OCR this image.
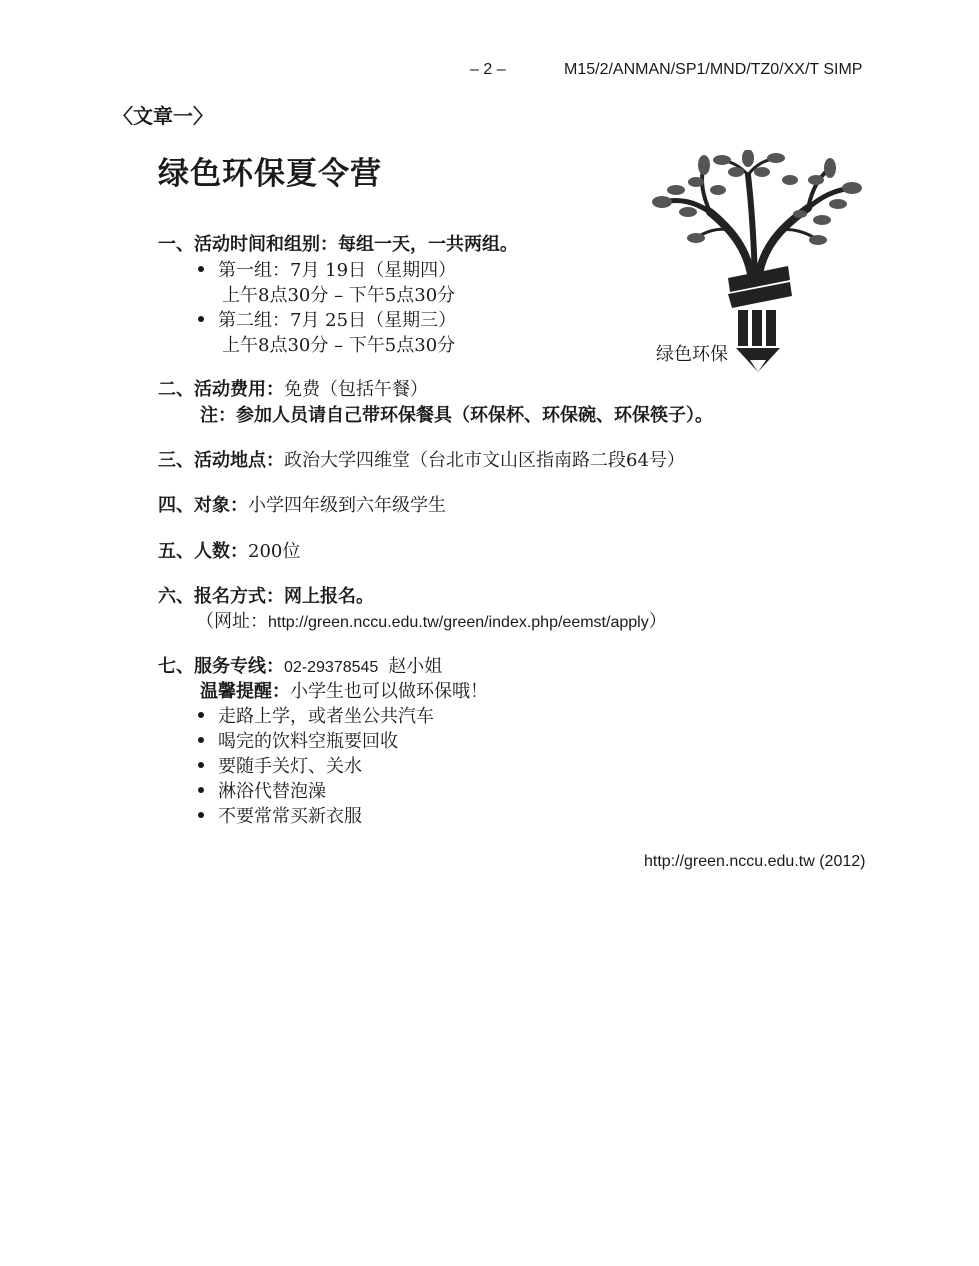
– 2 –	M15/2/ANMAN/SP1/MND/TZ0/XX/T SIMP
〈文章一〉
绿色环保夏令营
绿色环保
一、活动时间和组别：每组一天，一共两组。
第一组：7月 19日（星期四）
上午8点30分 – 下午5点30分
第二组：7月 25日（星期三）
上午8点30分 – 下午5点30分
二、活动费用：免费（包括午餐）
注：参加人员请自己带环保餐具（环保杯、环保碗、环保筷子）。
三、活动地点：政治大学四维堂（台北市文山区指南路二段64号）
四、对象：小学四年级到六年级学生
五、人数：200位
六、报名方式：网上报名。
（网址：http://green.nccu.edu.tw/green/index.php/eemst/apply）
七、服务专线：02-29378545 赵小姐
温馨提醒：小学生也可以做环保哦！
走路上学，或者坐公共汽车
喝完的饮料空瓶要回收
要随手关灯、关水
淋浴代替泡澡
不要常常买新衣服
http://green.nccu.edu.tw (2012)
